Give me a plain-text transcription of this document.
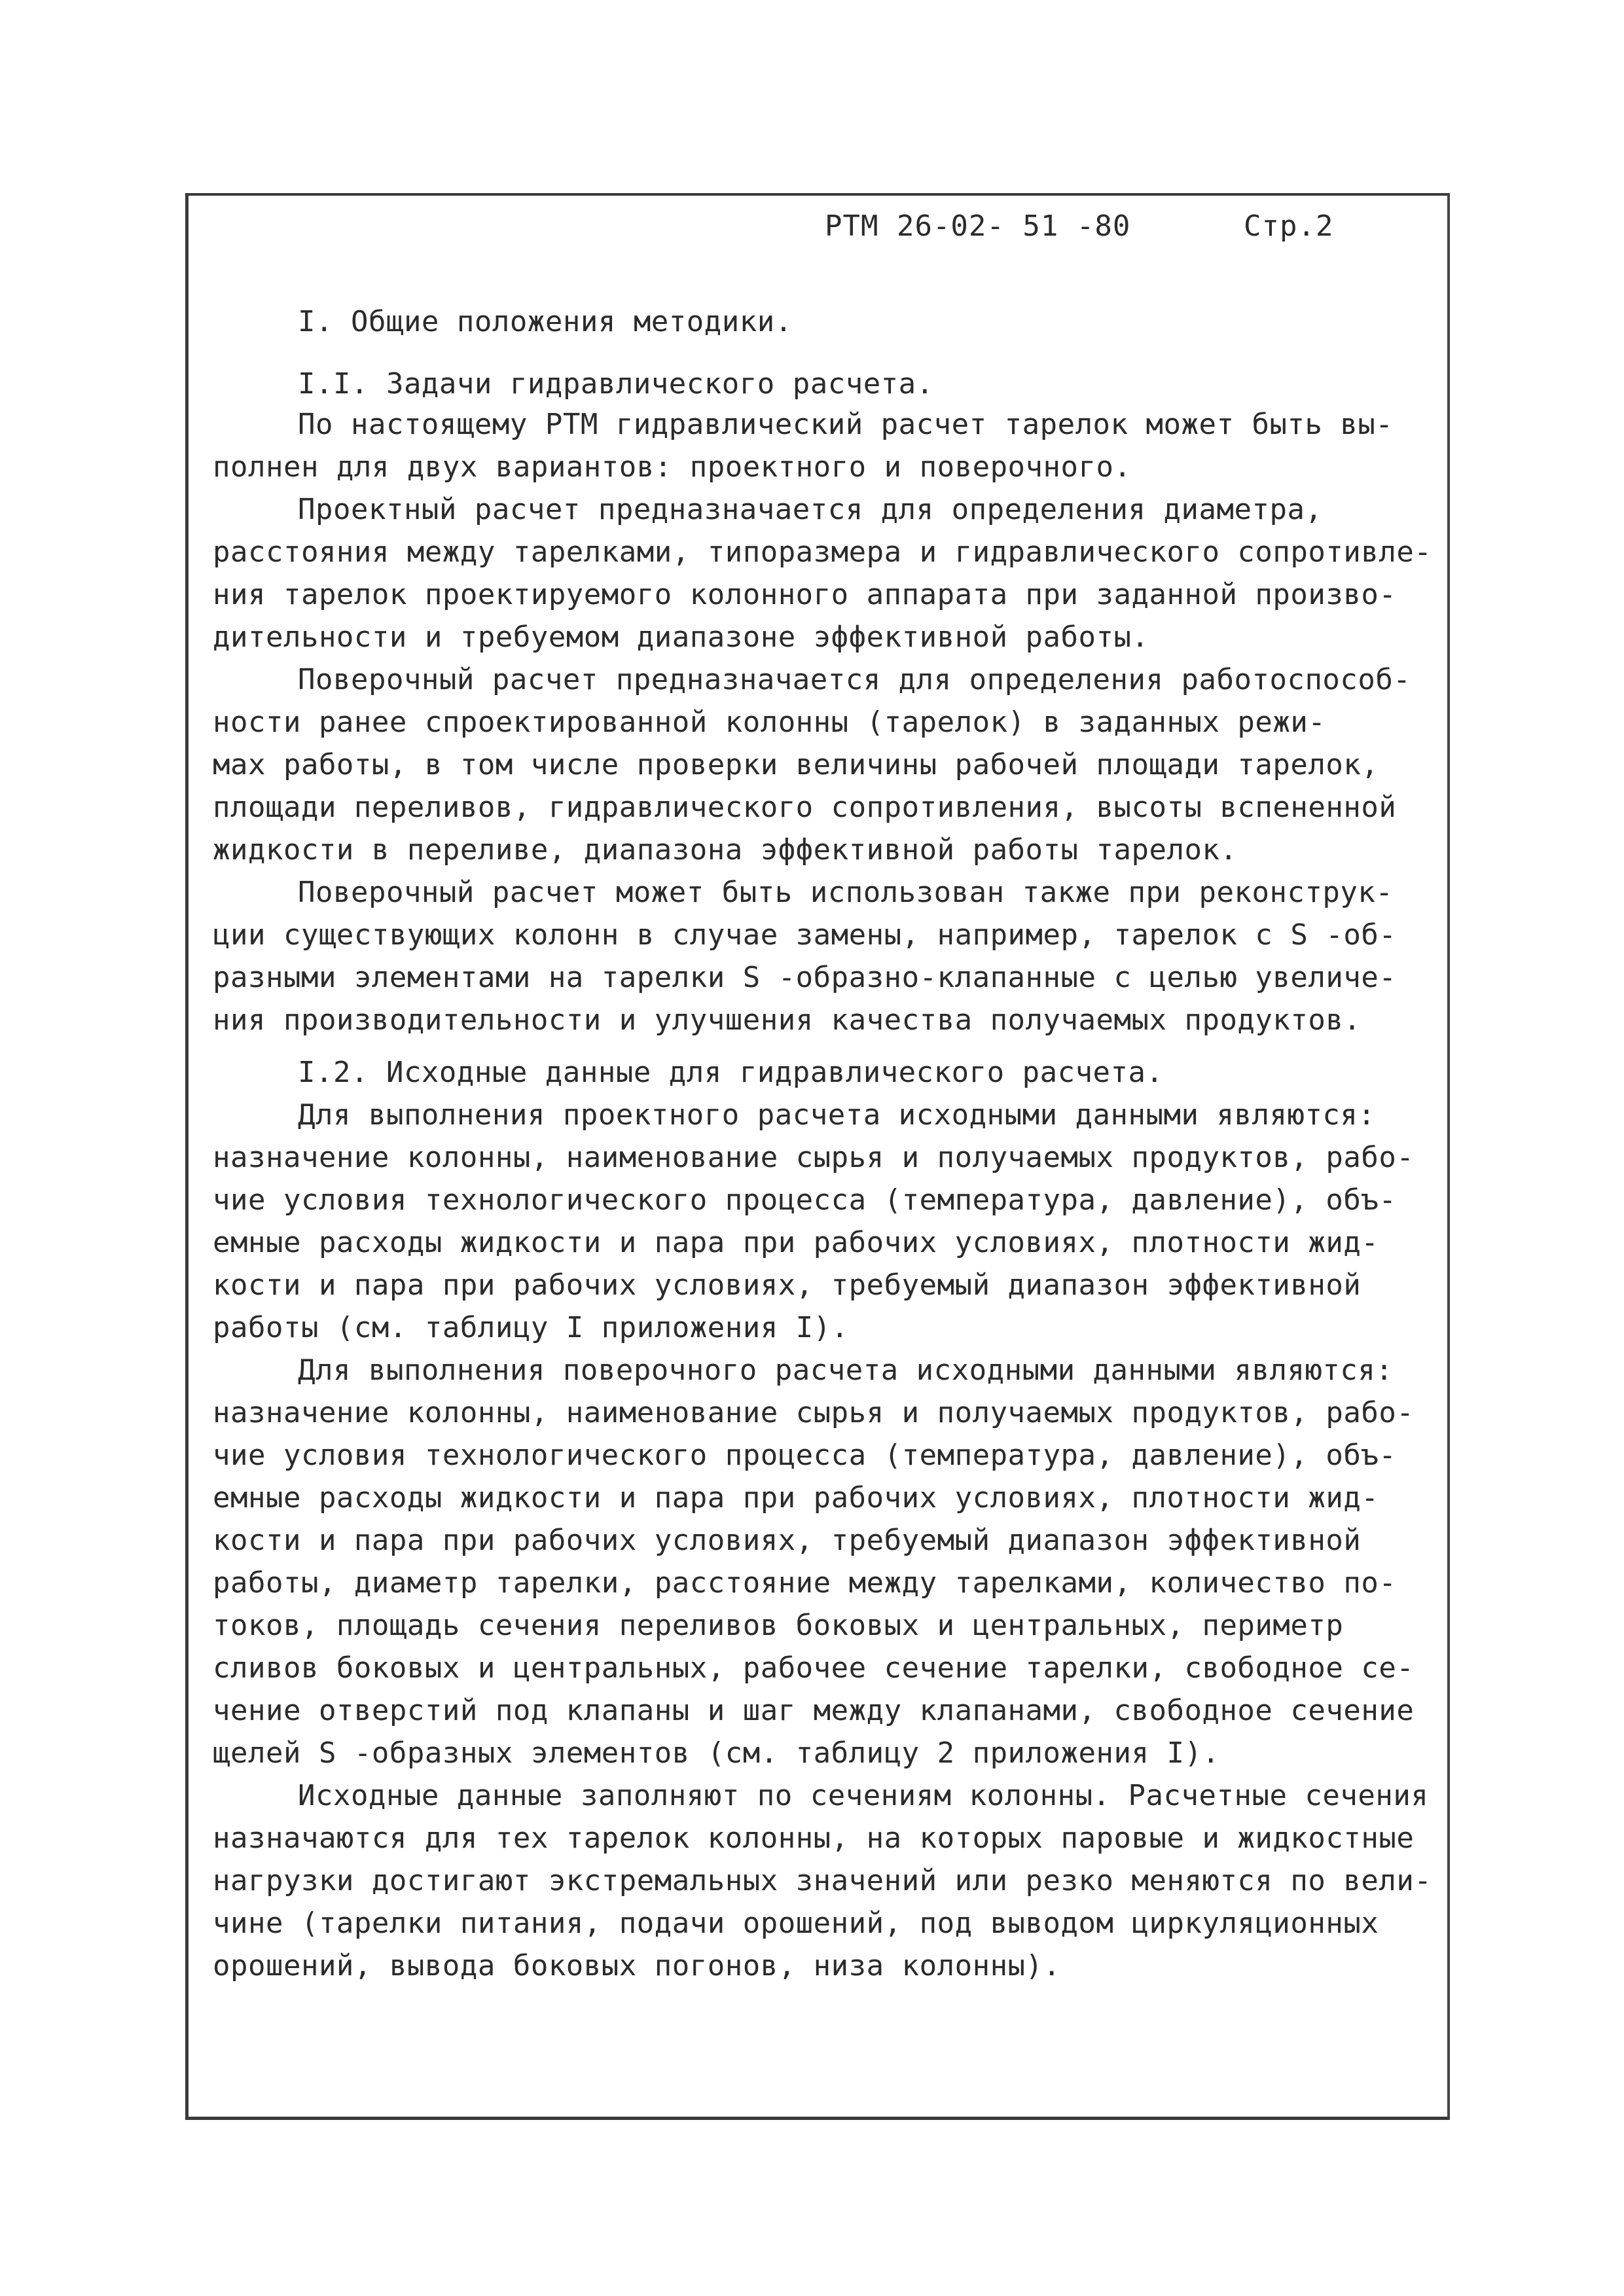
РТМ 26-02- 51 -80	Стр.2
I. Общие положения методики.
I.I. Задачи гидравлического расчета.
По настоящему РТМ гидравлический расчет тарелок может быть вы-
полнен для двух вариантов: проектного и поверочного.
Проектный расчет предназначается для определения диаметра,
расстояния между тарелками, типоразмера и гидравлического сопротивле-
ния тарелок проектируемого колонного аппарата при заданной произво-
дительности и требуемом диапазоне эффективной работы.
Поверочный расчет предназначается для определения работоспособ-
ности ранее спроектированной колонны (тарелок) в заданных режи-
мах работы, в том числе проверки величины рабочей площади тарелок,
площади переливов, гидравлического сопротивления, высоты вспененной
жидкости в переливе, диапазона эффективной работы тарелок.
Поверочный расчет может быть использован также при реконструк-
ции существующих колонн в случае замены, например, тарелок с S -об-
разными элементами на тарелки S -образно-клапанные с целью увеличе-
ния производительности и улучшения качества получаемых продуктов.
I.2. Исходные данные для гидравлического расчета.
Для выполнения проектного расчета исходными данными являются:
назначение колонны, наименование сырья и получаемых продуктов, рабо-
чие условия технологического процесса (температура, давление), объ-
емные расходы жидкости и пара при рабочих условиях, плотности жид-
кости и пара при рабочих условиях, требуемый диапазон эффективной
работы (см. таблицу I приложения I).
Для выполнения поверочного расчета исходными данными являются:
назначение колонны, наименование сырья и получаемых продуктов, рабо-
чие условия технологического процесса (температура, давление), объ-
емные расходы жидкости и пара при рабочих условиях, плотности жид-
кости и пара при рабочих условиях, требуемый диапазон эффективной
работы, диаметр тарелки, расстояние между тарелками, количество по-
токов, площадь сечения переливов боковых и центральных, периметр
сливов боковых и центральных, рабочее сечение тарелки, свободное се-
чение отверстий под клапаны и шаг между клапанами, свободное сечение
щелей S -образных элементов (см. таблицу 2 приложения I).
Исходные данные заполняют по сечениям колонны. Расчетные сечения
назначаются для тех тарелок колонны, на которых паровые и жидкостные
нагрузки достигают экстремальных значений или резко меняются по вели-
чине (тарелки питания, подачи орошений, под выводом циркуляционных
орошений, вывода боковых погонов, низа колонны).
